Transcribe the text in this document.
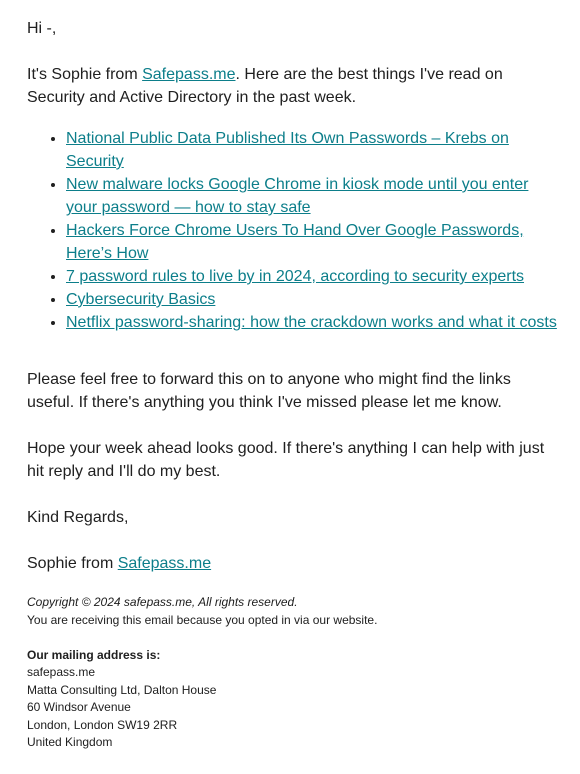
Hi -,

It's Sophie from Safepass.me. Here are the best things I've read on Security and Active Directory in the past week.

• National Public Data Published Its Own Passwords – Krebs on Security
• New malware locks Google Chrome in kiosk mode until you enter your password — how to stay safe
• Hackers Force Chrome Users To Hand Over Google Passwords, Here’s How
• 7 password rules to live by in 2024, according to security experts
• Cybersecurity Basics
• Netflix password-sharing: how the crackdown works and what it costs

Please feel free to forward this on to anyone who might find the links useful. If there's anything you think I've missed please let me know.

Hope your week ahead looks good. If there's anything I can help with just hit reply and I'll do my best.

Kind Regards,

Sophie from Safepass.me

Copyright © 2024 safepass.me, All rights reserved.

You are receiving this email because you opted in via our website.

Our mailing address is:

safepass.me

Matta Consulting Ltd, Dalton House

60 Windsor Avenue

London, London SW19 2RR

United Kingdom
